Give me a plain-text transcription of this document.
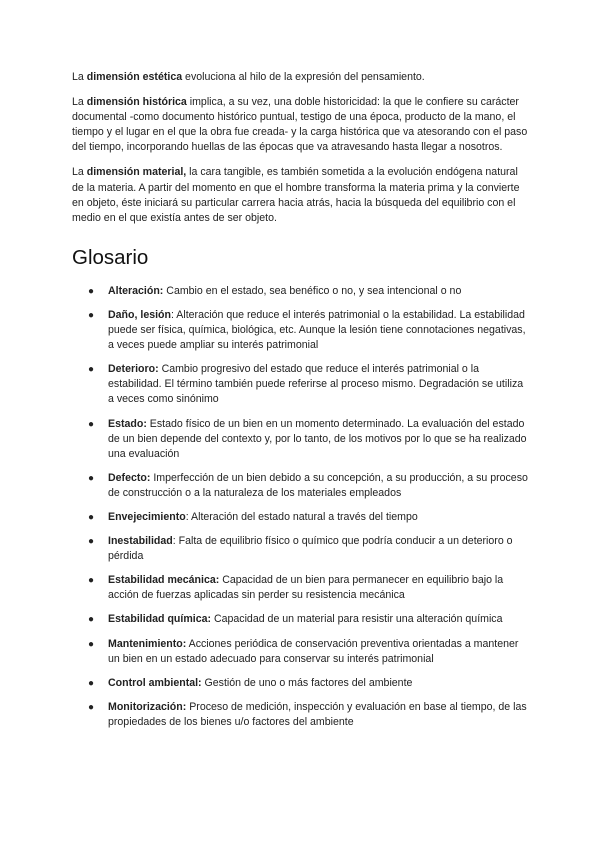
La dimensión estética evoluciona al hilo de la expresión del pensamiento.

La dimensión histórica implica, a su vez, una doble historicidad: la que le confiere su carácter documental -como documento histórico puntual, testigo de una época, producto de la mano, el tiempo y el lugar en el que la obra fue creada- y la carga histórica que va atesorando con el paso del tiempo, incorporando huellas de las épocas que va atravesando hasta llegar a nosotros.

La dimensión material, la cara tangible, es también sometida a la evolución endógena natural de la materia. A partir del momento en que el hombre transforma la materia prima y la convierte en objeto, éste iniciará su particular carrera hacia atrás, hacia la búsqueda del equilibrio con el medio en el que existía antes de ser objeto.

Glosario
● Alteración: Cambio en el estado, sea benéfico o no, y sea intencional o no
● Daño, lesión: Alteración que reduce el interés patrimonial o la estabilidad. La estabilidad puede ser física, química, biológica, etc. Aunque la lesión tiene connotaciones negativas, a veces puede ampliar su interés patrimonial
● Deterioro: Cambio progresivo del estado que reduce el interés patrimonial o la estabilidad. El término también puede referirse al proceso mismo. Degradación se utiliza a veces como sinónimo
● Estado: Estado físico de un bien en un momento determinado. La evaluación del estado de un bien depende del contexto y, por lo tanto, de los motivos por lo que se ha realizado una evaluación
● Defecto: Imperfección de un bien debido a su concepción, a su producción, a su proceso de construcción o a la naturaleza de los materiales empleados
● Envejecimiento: Alteración del estado natural a través del tiempo
● Inestabilidad: Falta de equilibrio físico o químico que podría conducir a un deterioro o pérdida
● Estabilidad mecánica: Capacidad de un bien para permanecer en equilibrio bajo la acción de fuerzas aplicadas sin perder su resistencia mecánica
● Estabilidad química: Capacidad de un material para resistir una alteración química
● Mantenimiento: Acciones periódica de conservación preventiva orientadas a mantener un bien en un estado adecuado para conservar su interés patrimonial
● Control ambiental: Gestión de uno o más factores del ambiente
● Monitorización: Proceso de medición, inspección y evaluación en base al tiempo, de las propiedades de los bienes u/o factores del ambiente
